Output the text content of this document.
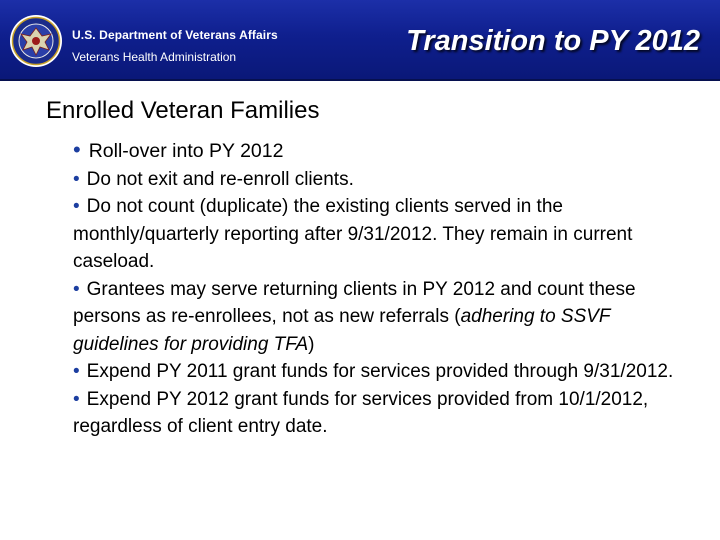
U.S. Department of Veterans Affairs
Veterans Health Administration	Transition to PY 2012
Enrolled Veteran Families
• Roll-over into PY 2012
• Do not exit and re-enroll clients.
• Do not count (duplicate) the existing clients served in the monthly/quarterly reporting after 9/31/2012. They remain in current caseload.
• Grantees may serve returning clients in PY 2012 and count these persons as re-enrollees, not as new referrals (adhering to SSVF guidelines for providing TFA)
• Expend PY 2011 grant funds for services provided through 9/31/2012.
• Expend PY 2012 grant funds for services provided from 10/1/2012, regardless of client entry date.
